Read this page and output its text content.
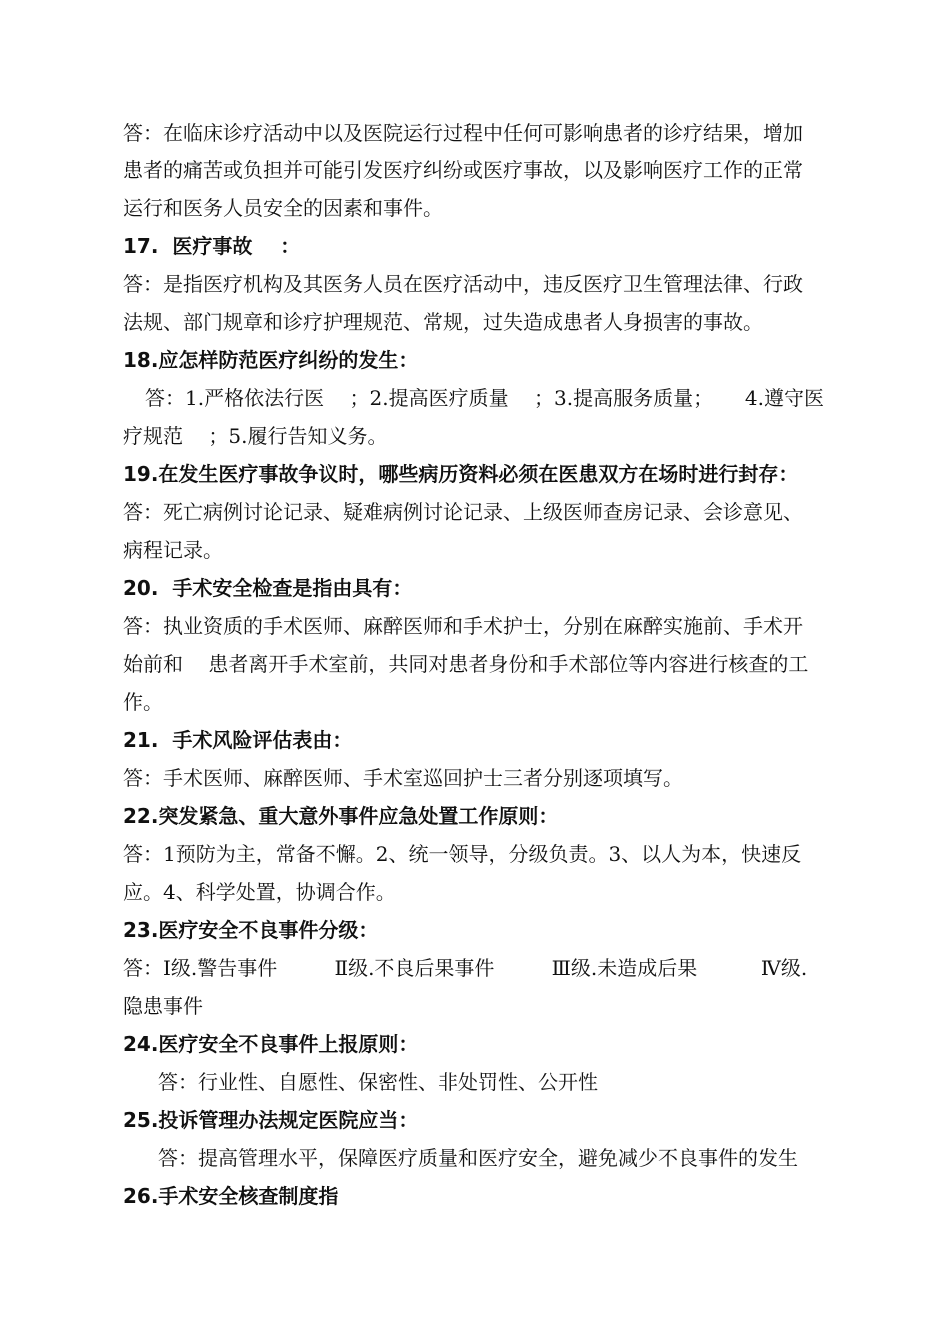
答：在临床诊疗活动中以及医院运行过程中任何可影响患者的诊疗结果，增加
患者的痛苦或负担并可能引发医疗纠纷或医疗事故，以及影响医疗工作的正常
运行和医务人员安全的因素和事件。
17.  医疗事故    ：
答：是指医疗机构及其医务人员在医疗活动中，违反医疗卫生管理法律、行政
法规、部门规章和诊疗护理规范、常规，过失造成患者人身损害的事故。
18.应怎样防范医疗纠纷的发生：
答：1.严格依法行医    ；2.提高医疗质量    ；3.提高服务质量；     4.遵守医
疗规范    ；5.履行告知义务。
19.在发生医疗事故争议时，哪些病历资料必须在医患双方在场时进行封存：
答：死亡病例讨论记录、疑难病例讨论记录、上级医师查房记录、会诊意见、
病程记录。
20.  手术安全检查是指由具有：
答：执业资质的手术医师、麻醉医师和手术护士，分别在麻醉实施前、手术开
始前和    患者离开手术室前，共同对患者身份和手术部位等内容进行核查的工
作。
21.  手术风险评估表由：
答：手术医师、麻醉医师、手术室巡回护士三者分别逐项填写。
22.突发紧急、重大意外事件应急处置工作原则：
答：1预防为主，常备不懈。2、统一领导，分级负责。3、以人为本，快速反
应。4、科学处置，协调合作。
23.医疗安全不良事件分级：
答：Ⅰ级.警告事件         Ⅱ级.不良后果事件         Ⅲ级.未造成后果          Ⅳ级.
隐患事件
24.医疗安全不良事件上报原则：
答：行业性、自愿性、保密性、非处罚性、公开性
25.投诉管理办法规定医院应当：
答：提高管理水平，保障医疗质量和医疗安全，避免减少不良事件的发生
26.手术安全核查制度指
